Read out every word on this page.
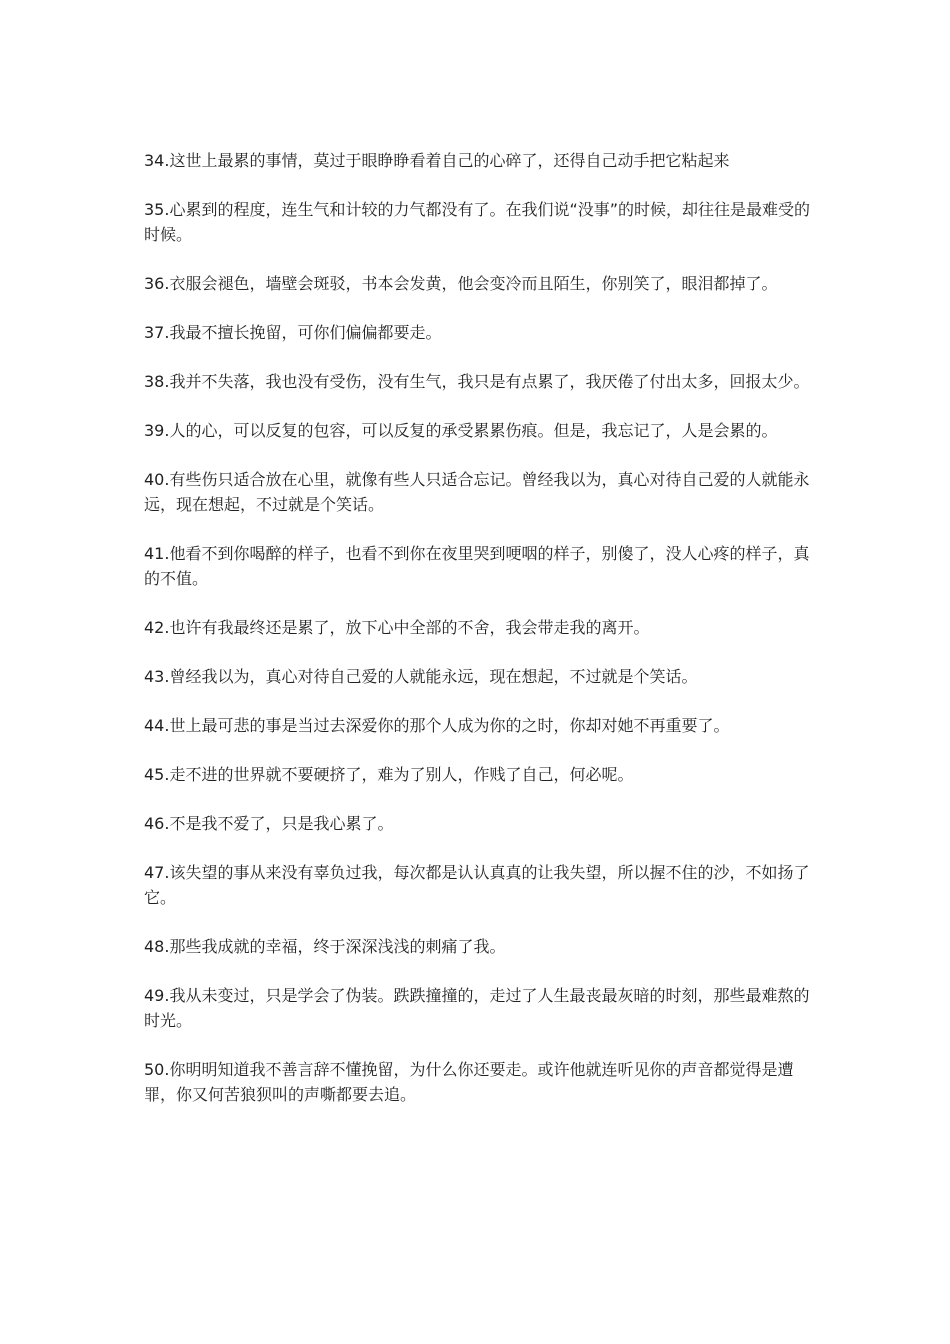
34.这世上最累的事情，莫过于眼睁睁看着自己的心碎了，还得自己动手把它粘起来

35.心累到的程度，连生气和计较的力气都没有了。在我们说“没事”的时候，却往往是最难受的时候。

36.衣服会褪色，墙壁会斑驳，书本会发黄，他会变冷而且陌生，你别笑了，眼泪都掉了。

37.我最不擅长挽留，可你们偏偏都要走。

38.我并不失落，我也没有受伤，没有生气，我只是有点累了，我厌倦了付出太多，回报太少。

39.人的心，可以反复的包容，可以反复的承受累累伤痕。但是，我忘记了，人是会累的。

40.有些伤只适合放在心里，就像有些人只适合忘记。曾经我以为，真心对待自己爱的人就能永远，现在想起，不过就是个笑话。

41.他看不到你喝醉的样子，也看不到你在夜里哭到哽咽的样子，别傻了，没人心疼的样子，真的不值。

42.也许有我最终还是累了，放下心中全部的不舍，我会带走我的离开。

43.曾经我以为，真心对待自己爱的人就能永远，现在想起，不过就是个笑话。

44.世上最可悲的事是当过去深爱你的那个人成为你的之时，你却对她不再重要了。

45.走不进的世界就不要硬挤了，难为了别人，作贱了自己，何必呢。

46.不是我不爱了，只是我心累了。

47.该失望的事从来没有辜负过我，每次都是认认真真的让我失望，所以握不住的沙，不如扬了它。

48.那些我成就的幸福，终于深深浅浅的刺痛了我。

49.我从未变过，只是学会了伪装。跌跌撞撞的，走过了人生最丧最灰暗的时刻，那些最难熬的时光。

50.你明明知道我不善言辞不懂挽留，为什么你还要走。或许他就连听见你的声音都觉得是遭罪，你又何苦狼狈叫的声嘶都要去追。
